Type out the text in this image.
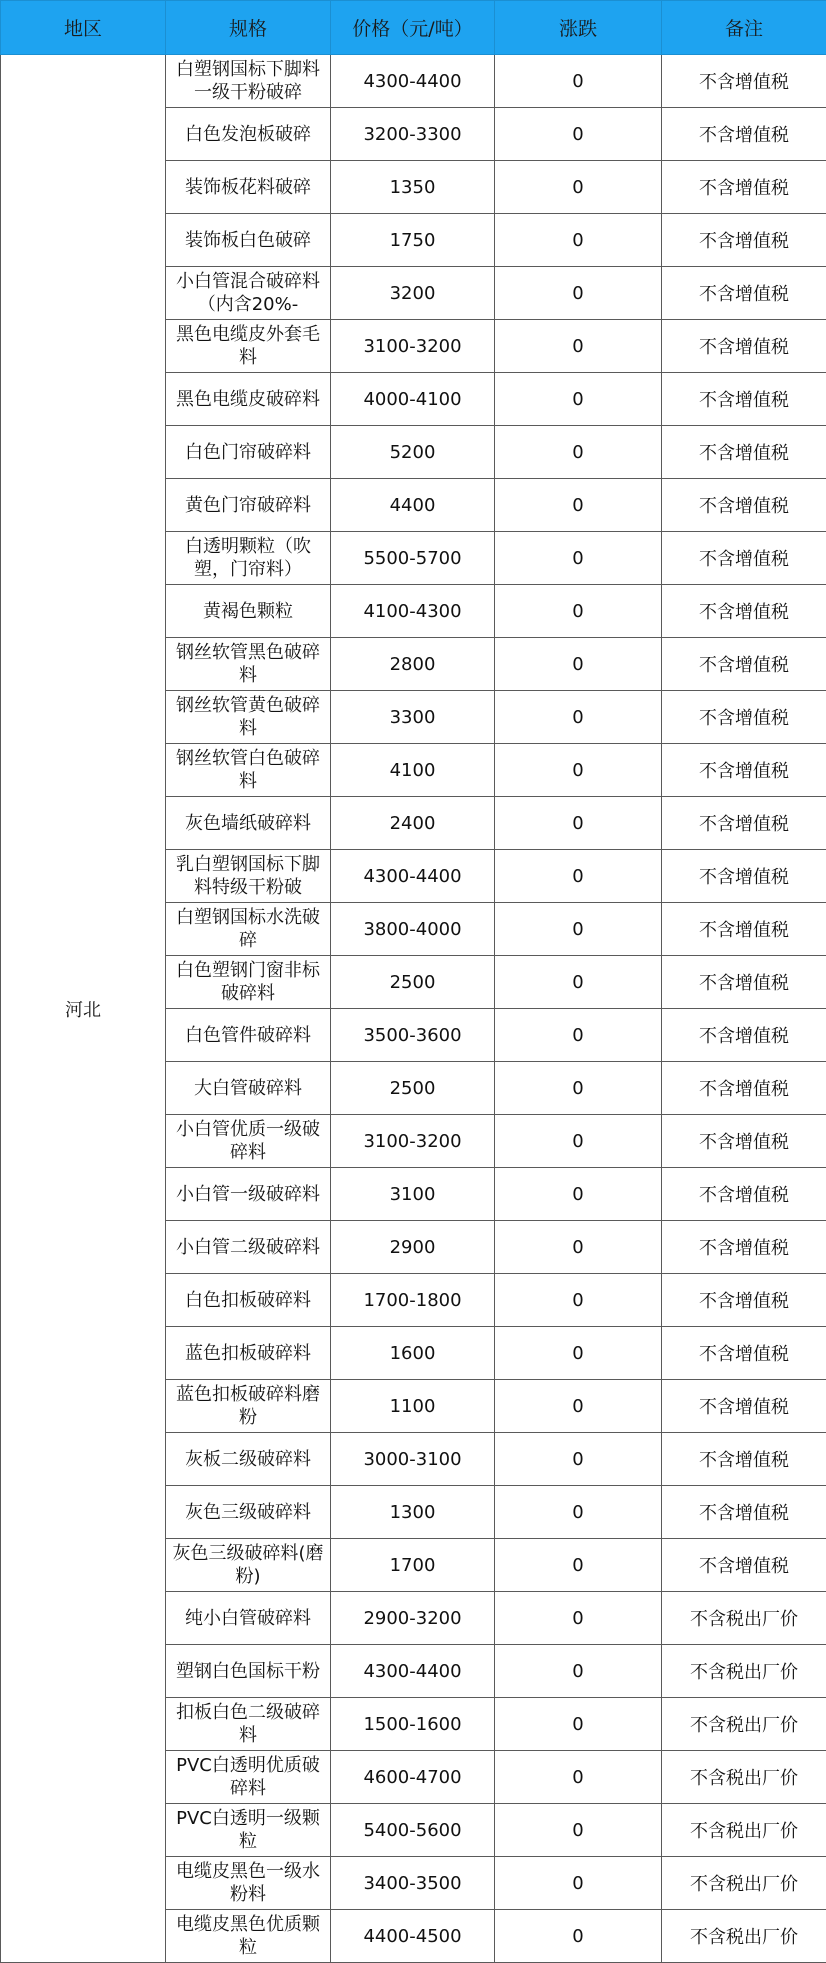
地区	规格	价格（元/吨）	涨跌	备注
河北	白塑钢国标下脚料一级干粉破碎	4300-4400	0	不含增值税

	白色发泡板破碎	3200-3300	0	不含增值税

	装饰板花料破碎	1350	0	不含增值税

	装饰板白色破碎	1750	0	不含增值税

	小白管混合破碎料（内含20%-	3200	0	不含增值税

	黑色电缆皮外套毛料	3100-3200	0	不含增值税

	黑色电缆皮破碎料	4000-4100	0	不含增值税

	白色门帘破碎料	5200	0	不含增值税

	黄色门帘破碎料	4400	0	不含增值税

	白透明颗粒（吹塑，门帘料）	5500-5700	0	不含增值税

	黄褐色颗粒	4100-4300	0	不含增值税

	钢丝软管黑色破碎料	2800	0	不含增值税

	钢丝软管黄色破碎料	3300	0	不含增值税

	钢丝软管白色破碎料	4100	0	不含增值税

	灰色墙纸破碎料	2400	0	不含增值税

	乳白塑钢国标下脚料特级干粉破	4300-4400	0	不含增值税

	白塑钢国标水洗破碎	3800-4000	0	不含增值税

	白色塑钢门窗非标破碎料	2500	0	不含增值税

	白色管件破碎料	3500-3600	0	不含增值税

	大白管破碎料	2500	0	不含增值税

	小白管优质一级破碎料	3100-3200	0	不含增值税

	小白管一级破碎料	3100	0	不含增值税

	小白管二级破碎料	2900	0	不含增值税

	白色扣板破碎料	1700-1800	0	不含增值税

	蓝色扣板破碎料	1600	0	不含增值税

	蓝色扣板破碎料磨粉	1100	0	不含增值税

	灰板二级破碎料	3000-3100	0	不含增值税

	灰色三级破碎料	1300	0	不含增值税

	灰色三级破碎料(磨粉)	1700	0	不含增值税

	纯小白管破碎料	2900-3200	0	不含税出厂价

	塑钢白色国标干粉	4300-4400	0	不含税出厂价

	扣板白色二级破碎料	1500-1600	0	不含税出厂价

	PVC白透明优质破碎料	4600-4700	0	不含税出厂价

	PVC白透明一级颗粒	5400-5600	0	不含税出厂价

	电缆皮黑色一级水粉料	3400-3500	0	不含税出厂价

	电缆皮黑色优质颗粒	4400-4500	0	不含税出厂价
